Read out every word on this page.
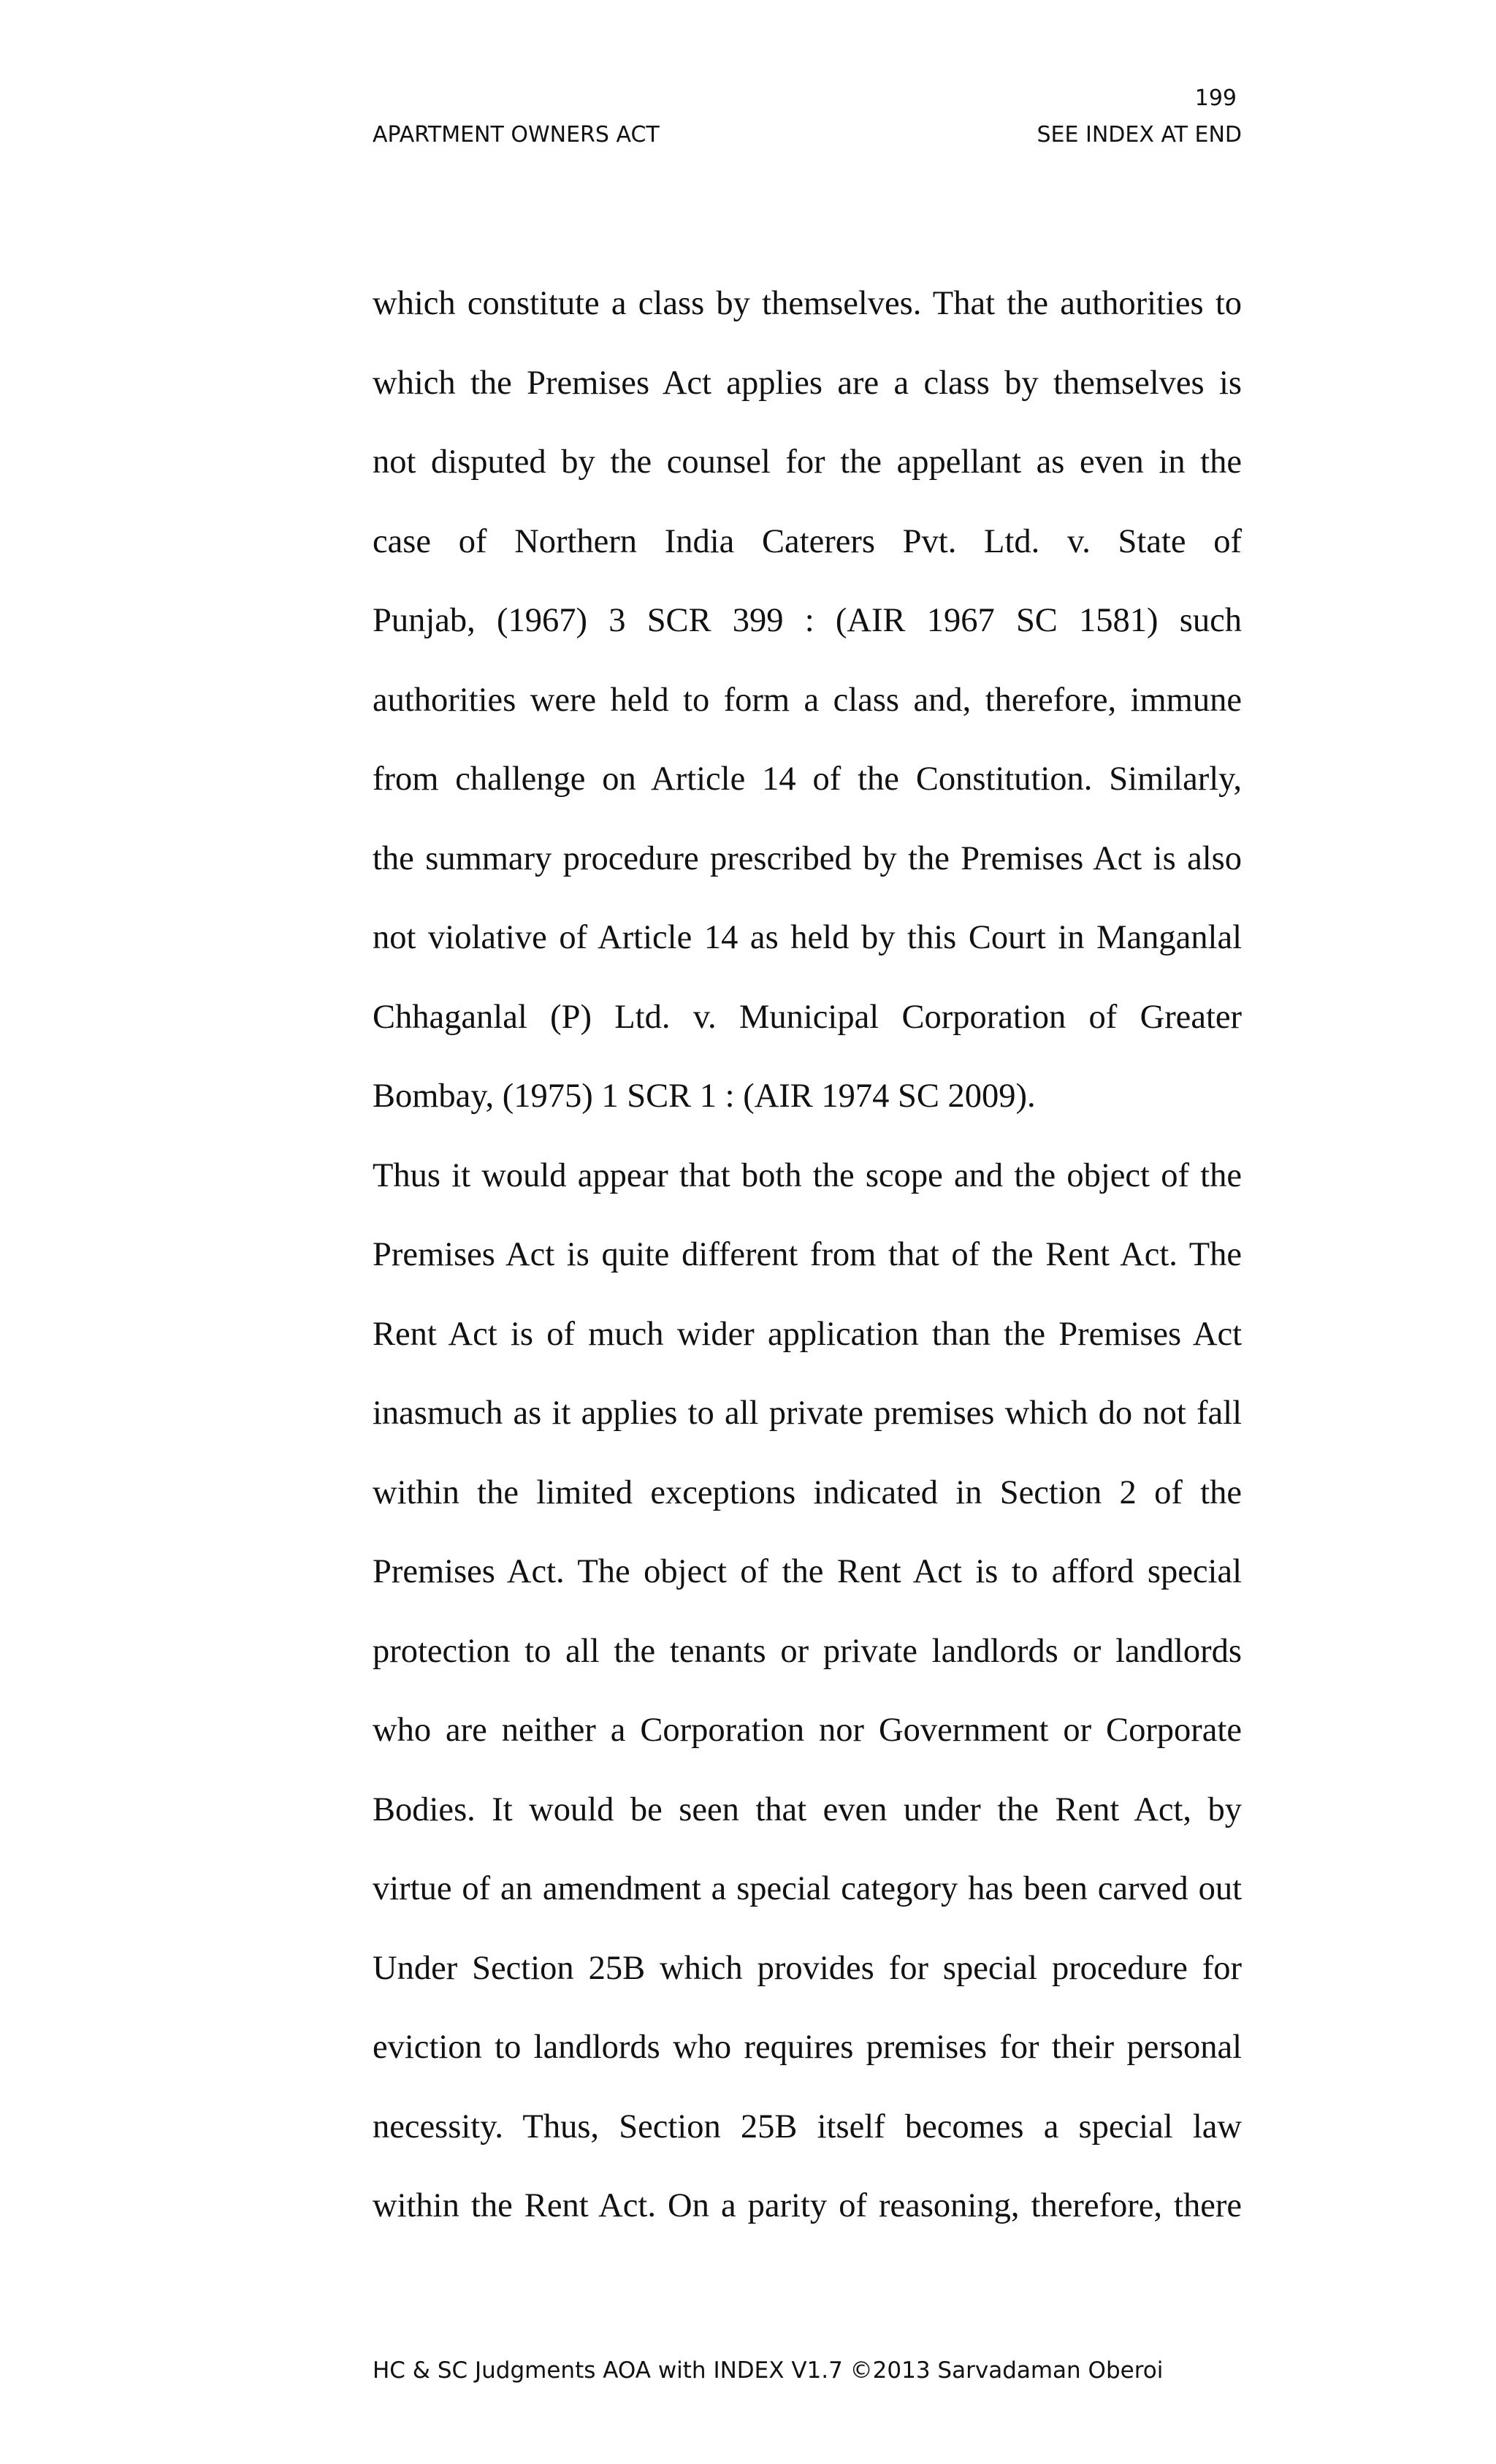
199
APARTMENT OWNERS ACT	SEE INDEX AT END
which constitute a class by themselves. That the authorities to
which the Premises Act applies are a class by themselves is
not disputed by the counsel for the appellant as even in the
case of Northern India Caterers Pvt. Ltd. v. State of
Punjab, (1967) 3 SCR 399 : (AIR 1967 SC 1581) such
authorities were held to form a class and, therefore, immune
from challenge on Article 14 of the Constitution. Similarly,
the summary procedure prescribed by the Premises Act is also
not violative of Article 14 as held by this Court in Manganlal
Chhaganlal (P) Ltd. v. Municipal Corporation of Greater
Bombay, (1975) 1 SCR 1 : (AIR 1974 SC 2009).
Thus it would appear that both the scope and the object of the
Premises Act is quite different from that of the Rent Act. The
Rent Act is of much wider application than the Premises Act
inasmuch as it applies to all private premises which do not fall
within the limited exceptions indicated in Section 2 of the
Premises Act. The object of the Rent Act is to afford special
protection to all the tenants or private landlords or landlords
who are neither a Corporation nor Government or Corporate
Bodies. It would be seen that even under the Rent Act, by
virtue of an amendment a special category has been carved out
Under Section 25B which provides for special procedure for
eviction to landlords who requires premises for their personal
necessity. Thus, Section 25B itself becomes a special law
within the Rent Act. On a parity of reasoning, therefore, there
HC & SC Judgments AOA with INDEX V1.7 ©2013 Sarvadaman Oberoi
